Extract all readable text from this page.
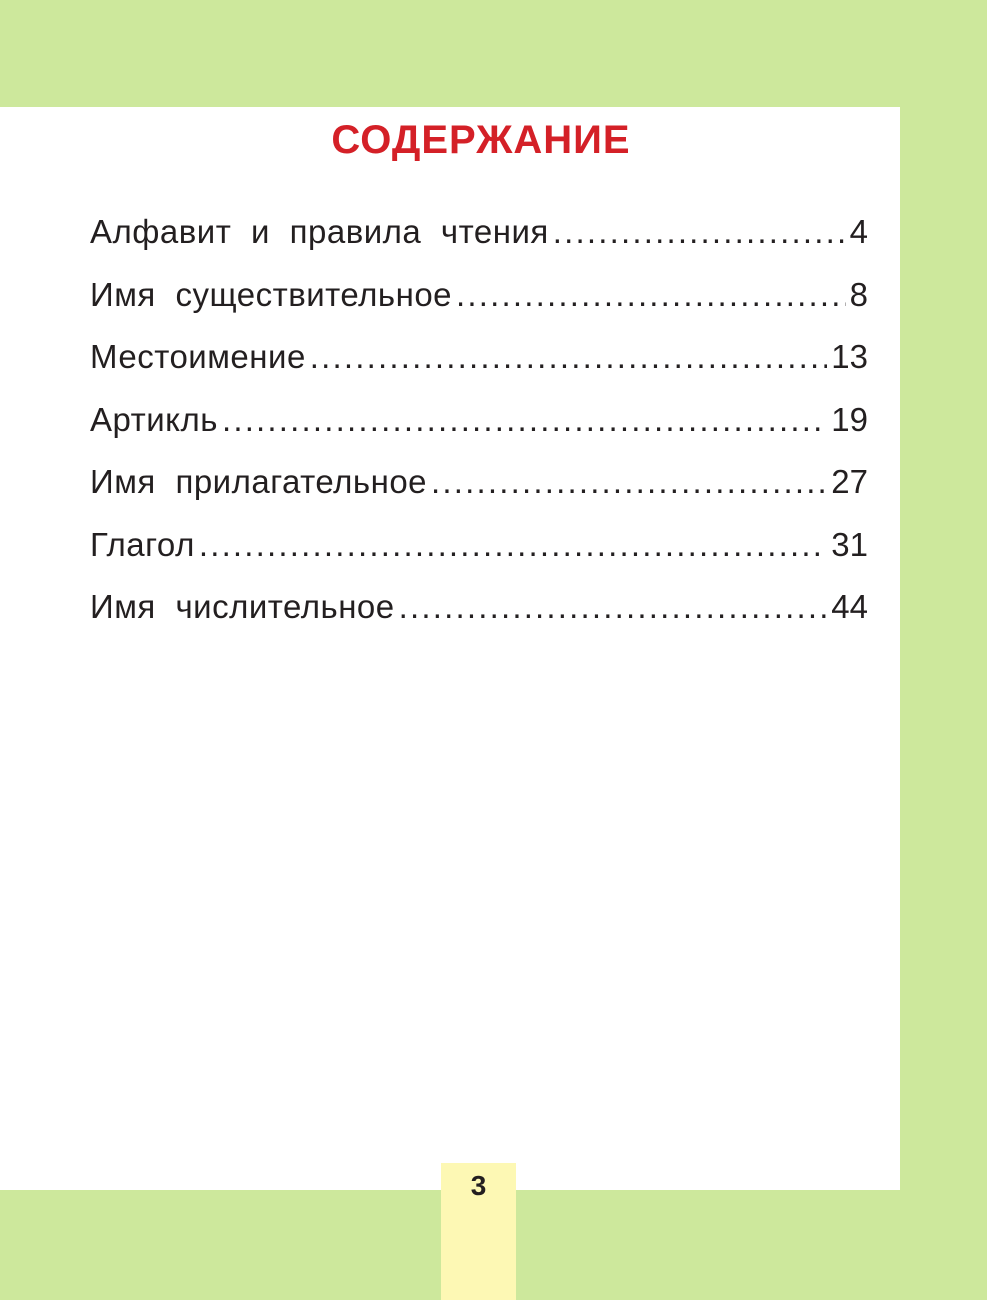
СОДЕРЖАНИЕ
Алфавит и правила чтения .....	4
Имя существительное .....	8
Местоимение .....	13
Артикль .....	19
Имя прилагательное .....	27
Глагол .....	31
Имя числительное .....	44
3
